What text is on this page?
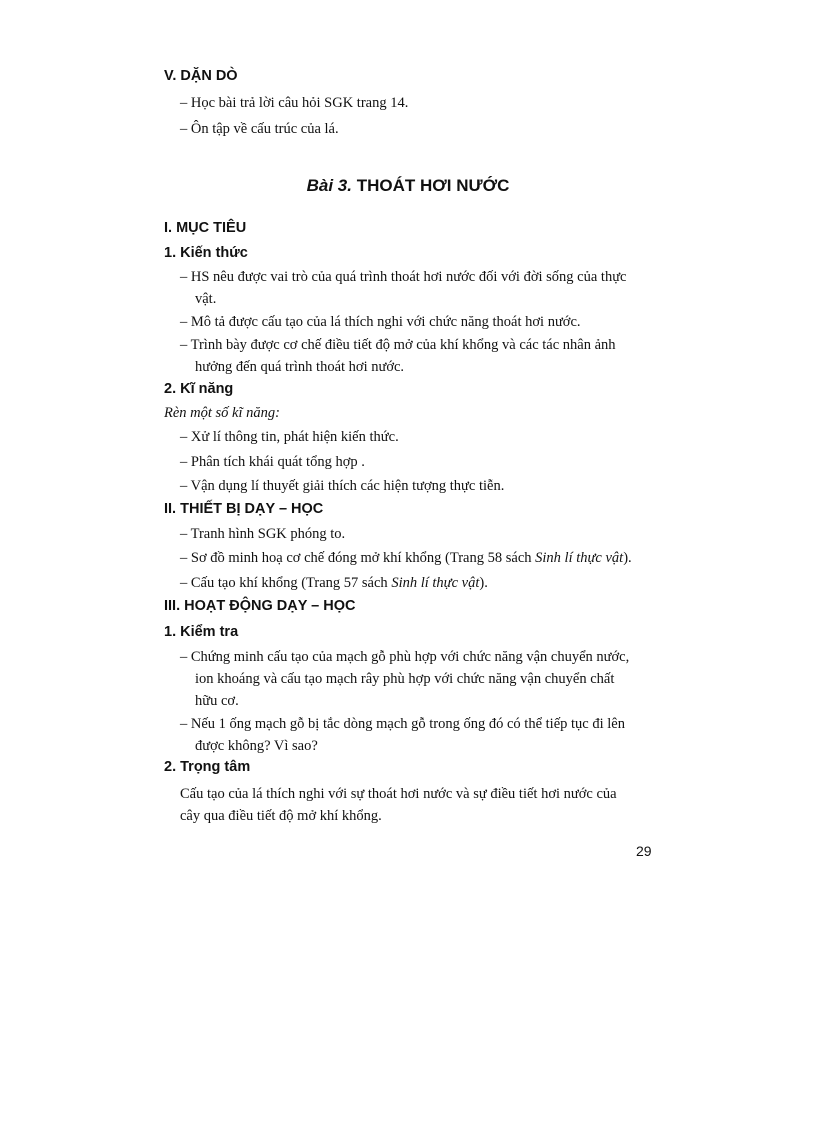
V. DẶN DÒ
– Học bài trả lời câu hỏi SGK trang 14.
– Ôn tập về cấu trúc của lá.
Bài 3. THOÁT HƠI NƯỚC
I. MỤC TIÊU
1. Kiến thức
– HS nêu được vai trò của quá trình thoát hơi nước đối với đời sống của thực
vật.
– Mô tả được cấu tạo của lá thích nghi với chức năng thoát hơi nước.
– Trình bày được cơ chế điều tiết độ mở của khí khổng và các tác nhân ảnh
hưởng đến quá trình thoát hơi nước.
2. Kĩ năng
Rèn một số kĩ năng:
– Xử lí thông tin, phát hiện kiến thức.
– Phân tích khái quát tổng hợp .
– Vận dụng lí thuyết giải thích các hiện tượng thực tiễn.
II. THIẾT BỊ DẠY – HỌC
– Tranh hình SGK phóng to.
– Sơ đồ minh hoạ cơ chế đóng mở khí khổng (Trang 58 sách Sinh lí thực vật).
– Cấu tạo khí khổng (Trang 57 sách Sinh lí thực vật).
III. HOẠT ĐỘNG DẠY – HỌC
1. Kiểm tra
– Chứng minh cấu tạo của mạch gỗ phù hợp với chức năng vận chuyển nước,
ion khoáng và cấu tạo mạch rây phù hợp với chức năng vận chuyển chất
hữu cơ.
– Nếu 1 ống mạch gỗ bị tắc dòng mạch gỗ trong ống đó có thể tiếp tục đi lên
được không? Vì sao?
2. Trọng tâm
Cấu tạo của lá thích nghi với sự thoát hơi nước và sự điều tiết hơi nước của
cây qua điều tiết độ mở khí khổng.
29
